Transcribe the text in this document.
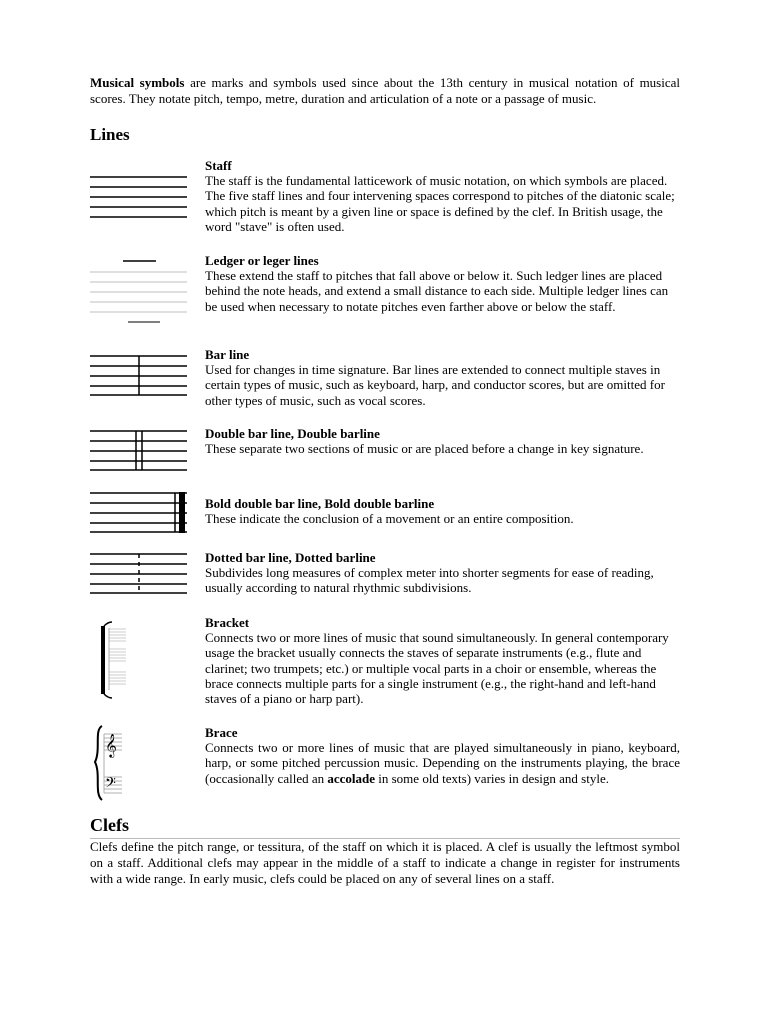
Musical symbols are marks and symbols used since about the 13th century in musical notation of musical scores. They notate pitch, tempo, metre, duration and articulation of a note or a passage of music.

Lines
Staff
The staff is the fundamental latticework of music notation, on which symbols are placed. The five staff lines and four intervening spaces correspond to pitches of the diatonic scale; which pitch is meant by a given line or space is defined by the clef. In British usage, the word "stave" is often used.
Ledger or leger lines
These extend the staff to pitches that fall above or below it. Such ledger lines are placed behind the note heads, and extend a small distance to each side. Multiple ledger lines can be used when necessary to notate pitches even farther above or below the staff.
Bar line
Used for changes in time signature. Bar lines are extended to connect multiple staves in certain types of music, such as keyboard, harp, and conductor scores, but are omitted for other types of music, such as vocal scores.
Double bar line, Double barline
These separate two sections of music or are placed before a change in key signature.
Bold double bar line, Bold double barline
These indicate the conclusion of a movement or an entire composition.
Dotted bar line, Dotted barline
Subdivides long measures of complex meter into shorter segments for ease of reading, usually according to natural rhythmic subdivisions.
Bracket
Connects two or more lines of music that sound simultaneously. In general contemporary usage the bracket usually connects the staves of separate instruments (e.g., flute and clarinet; two trumpets; etc.) or multiple vocal parts in a choir or ensemble, whereas the brace connects multiple parts for a single instrument (e.g., the right-hand and left-hand staves of a piano or harp part).
𝄞
𝄢
Brace
Connects two or more lines of music that are played simultaneously in piano, keyboard, harp, or some pitched percussion music. Depending on the instruments playing, the brace (occasionally called an accolade in some old texts) varies in design and style.
Clefs

Clefs define the pitch range, or tessitura, of the staff on which it is placed. A clef is usually the leftmost symbol on a staff. Additional clefs may appear in the middle of a staff to indicate a change in register for instruments with a wide range. In early music, clefs could be placed on any of several lines on a staff.
